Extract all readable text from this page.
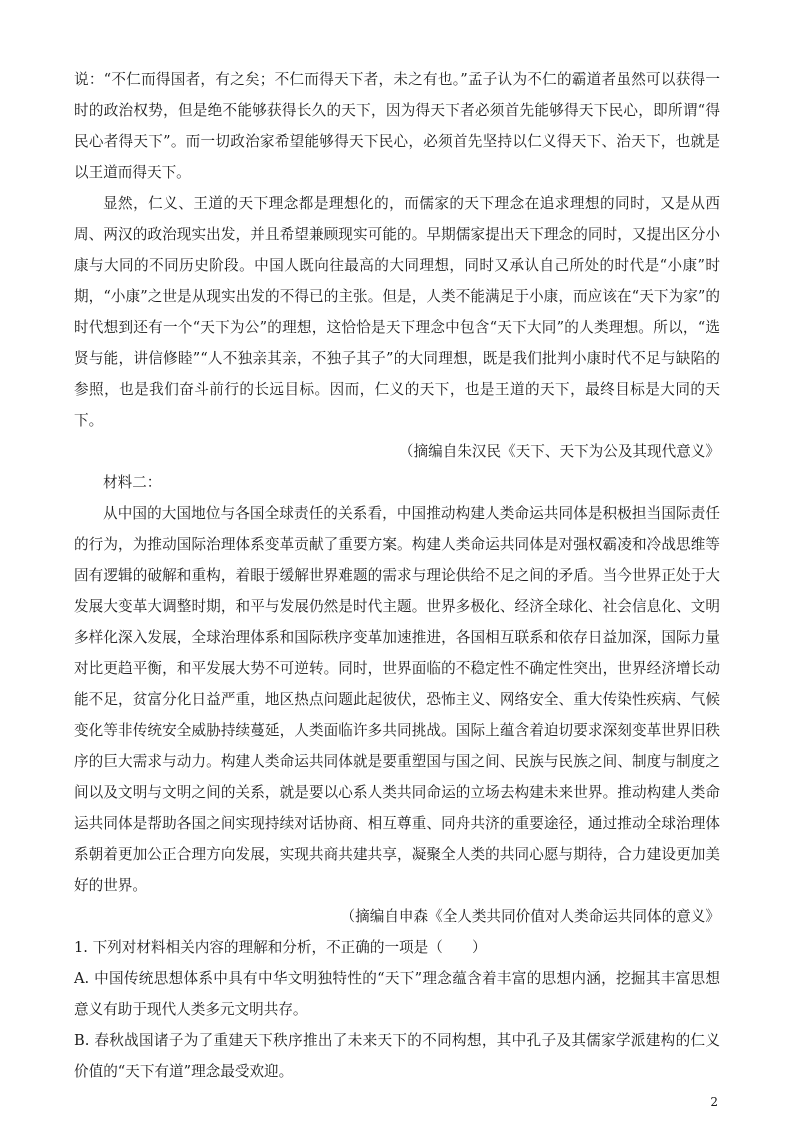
说：“不仁而得国者，有之矣；不仁而得天下者，未之有也。”孟子认为不仁的霸道者虽然可以获得一时的政治权势，但是绝不能够获得长久的天下，因为得天下者必须首先能够得天下民心，即所谓“得民心者得天下”。而一切政治家希望能够得天下民心，必须首先坚持以仁义得天下、治天下，也就是以王道而得天下。

显然，仁义、王道的天下理念都是理想化的，而儒家的天下理念在追求理想的同时，又是从西周、两汉的政治现实出发，并且希望兼顾现实可能的。早期儒家提出天下理念的同时，又提出区分小康与大同的不同历史阶段。中国人既向往最高的大同理想，同时又承认自己所处的时代是“小康”时期，“小康”之世是从现实出发的不得已的主张。但是，人类不能满足于小康，而应该在“天下为家”的时代想到还有一个“天下为公”的理想，这恰恰是天下理念中包含“天下大同”的人类理想。所以，“选贤与能，讲信修睦”“人不独亲其亲，不独子其子”的大同理想，既是我们批判小康时代不足与缺陷的参照，也是我们奋斗前行的长远目标。因而，仁义的天下，也是王道的天下，最终目标是大同的天下。

（摘编自朱汉民《天下、天下为公及其现代意义》

材料二：

从中国的大国地位与各国全球责任的关系看，中国推动构建人类命运共同体是积极担当国际责任的行为，为推动国际治理体系变革贡献了重要方案。构建人类命运共同体是对强权霸凌和冷战思维等固有逻辑的破解和重构，着眼于缓解世界难题的需求与理论供给不足之间的矛盾。当今世界正处于大发展大变革大调整时期，和平与发展仍然是时代主题。世界多极化、经济全球化、社会信息化、文明多样化深入发展，全球治理体系和国际秩序变革加速推进，各国相互联系和依存日益加深，国际力量对比更趋平衡，和平发展大势不可逆转。同时，世界面临的不稳定性不确定性突出，世界经济增长动能不足，贫富分化日益严重，地区热点问题此起彼伏，恐怖主义、网络安全、重大传染性疾病、气候变化等非传统安全威胁持续蔓延，人类面临许多共同挑战。国际上蕴含着迫切要求深刻变革世界旧秩序的巨大需求与动力。构建人类命运共同体就是要重塑国与国之间、民族与民族之间、制度与制度之间以及文明与文明之间的关系，就是要以心系人类共同命运的立场去构建未来世界。推动构建人类命运共同体是帮助各国之间实现持续对话协商、相互尊重、同舟共济的重要途径，通过推动全球治理体系朝着更加公正合理方向发展，实现共商共建共享，凝聚全人类的共同心愿与期待，合力建设更加美好的世界。

（摘编自申森《全人类共同价值对人类命运共同体的意义》

1. 下列对材料相关内容的理解和分析，不正确的一项是（　　）

A. 中国传统思想体系中具有中华文明独特性的“天下”理念蕴含着丰富的思想内涵，挖掘其丰富思想意义有助于现代人类多元文明共存。

B. 春秋战国诸子为了重建天下秩序推出了未来天下的不同构想，其中孔子及其儒家学派建构的仁义价值的“天下有道”理念最受欢迎。

2
